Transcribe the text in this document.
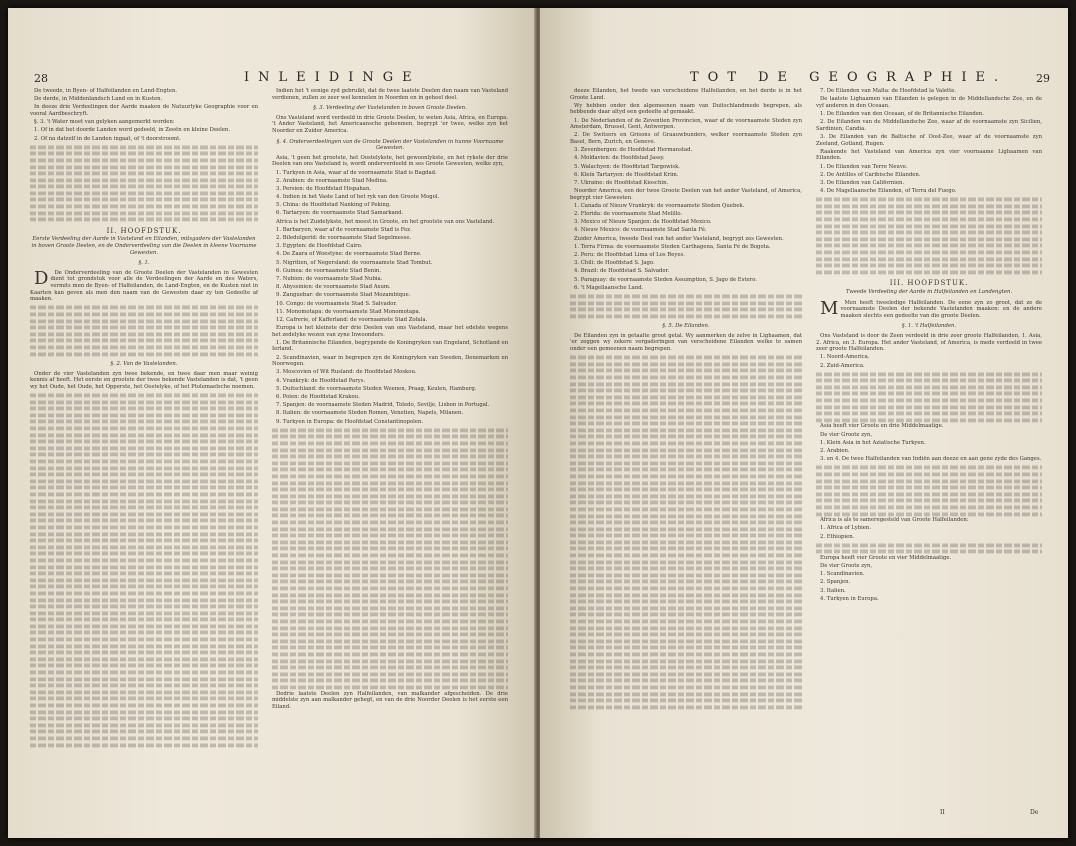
28	INLEIDINGE

De tweede, in Byen- of Halfeilanden en Land-Engten.

De derde, in Middenlandsch Land en in Kusten.

In deeze drie Verdeelingen der Aarde maaken de Natuurlyke Geographie voor en vooral Aardbeschryft.

§. 3. 't Water moet van gelyken aangemerkt worden:

1. Of in dat het doorde Landen word gedeeld, in Zeeën en kleine Deelen.

2. Of na datzelf in de Landen ingaat, of 't doorstroomt.

II. HOOFDSTUK.

Eerste Verdeeling der Aarde in Vasteland en Eilanden, mitsgaders der Vastelanden in boven Groote Deelen, en de Onderverdeeling van die Deelen in kleene Voorname Gewesten.

§. 1.

D De Onderverdeeling van de Groote Deelen der Vastelanden in Gewesten dient tot grondstuk voor alle de Verdeelingen der Aarde en des Waters, vermits men de Byen- of Halfeilanden, de Land-Engten, en de Kusten niet in Kaarten kan geven als men den naam van de Gewesten daar zy ten Gedeelte af maaken.

§. 2. Van de Vastelanden.

Onder de vier Vastelanden zyn twee bekende, en twee daar men maar weinig kennis af heeft. Het eerste en grootste der twee bekende Vastelanden is dat, 't geen wy het Oude, het Oude, het Opperste, het Oostelyke, of het Ptolemaeïsche noemen.

Indien het 't eenige zyd gebruikt, dat de twee laatste Deelen den naam van Vasteland verdienen, zullen ze zeer wel kennelen in Noorden en in geheel deel.

§. 3. Verdeeling der Vastelanden in boven Groote Deelen.

Ons Vasteland word verdeeld in drie Groote Deelen, te weten Asia, Africa, en Europa. 't Ander Vasteland, het Americaansche gebenmen, begrypt 'er twee, welke zyn het Noorder en Zuider America.

§. 4. Onderverdeelingen van de Groote Deelen der Vastelanden in hunne Voornaame Gewesten.

Asia, 't geen het grootste, het Oostelykste, het gewoonlykste, en het rykste der drie Deelen van ons Vasteland is, wordt onderverdeeld in ses Groote Gewesten, welke zyn,

1. Turkyen in Asia, waar af de voornaamste Stad is Bagdad.

2. Arabien: de voornaamste Stad Medina.

3. Persien: de Hoofdstad Hispahan.

4. Indien in het Vaste Land of het ryk van den Groote Mogol.

5. China: de Hoofdstad Nanking of Peking.

6. Tartaryen: de voornaamste Stad Samarkand.

Africa is het Zuidelykste, het meest in Groote, en het grootste van ons Vasteland.

1. Barbaryen, waar af de voornaamste Stad is Fez.

2. Biledulgerid: de voornaamste Stad Segelmesse.

3. Egypten: de Hoofdstad Cairo.

4. De Zaara of Woestyne: de voornaamste Stad Berne.

5. Nigritien, of Negersland: de voornaamste Stad Tombut.

6. Guinea: de voornaamste Stad Benin.

7. Nubien: de voornaamste Stad Nubia.

8. Abyssinien: de voornaamste Stad Axum.

9. Zanguebar: de voornaamste Stad Mozambique.

10. Congo: de voornaamste Stad S. Salvador.

11. Monomotapa: de voornaamste Stad Monomotapa.

12. Cafrerie, of Kafferland: de voornaamste Stad Zofala.

Europa is het kleinste der drie Deelen van ons Vasteland, maar het edelste wegens het zedelyke wezen van zyne Inwoonders.

1. De Britannische Eilanden, begrypende de Koningryken van Engeland, Schotland en Ierland.

2. Scandinavien, waar in begrepen zyn de Koningryken van Sweden, Denemarken en Noorwegen.

3. Moscovien of Wit Rusland: de Hoofdstad Moskou.

4. Vrankryk: de Hoofdstad Parys.

5. Duitschland: de voornaamste Steden Weenen, Praag, Keulen, Hamburg.

6. Polen: de Hoofdstad Krakou.

7. Spanjen: de voornaamste Steden Madrid, Toledo, Sevilje, Lisbon in Portugal.

8. Italien: de voornaamste Steden Romen, Venetien, Napels, Milanen.

9. Turkyen in Europa: de Hoofdstad Constantinopolen.

Dedrie laatste Deelen zyn Halfeilanden, van malkander afgescheiden. De drie middelste zyn aan malkander gehegt, en van de drie Noorder Deelen is het eerste een Eiland.

TOT DE GEOGRAPHIE.	29

deeze Eilanden, het twede van verscheidene Halfeilanden, en het derde is in het Groote Land.

Wy hebben onder den algemeenen naam van Duitschlandmede begrepen, als hebbende daar altyd een gedeelte af gemaakt.

1. De Nederlanden of de Zeventien Provincien, waar af de voornaamste Steden zyn Amsterdam, Brussel, Gent, Antwerpen.

2. De Switsers en Grisons of Graauwbunders, welker voornaamste Steden zyn Basel, Bern, Zurich, en Geneve.

3. Zevenbergen: de Hoofdstad Hermanstad.

4. Moldavien: de Hoofdstad Jassy.

5. Walachyen: de Hoofdstad Targowisk.

6. Klein Tartaryen: de Hoofdstad Krim.

7. Ukraine: de Hoofdstad Kioschin.

Noorder America, een der twee Groote Deelen van het ander Vasteland, of America, begrypt vier Gewesten.

1. Canada of Nieuw Vrankryk: de voornaamste Steden Quebek.

2. Florida: de voornaamste Stad Melillo.

3. Mexico of Nieuw Spanjen: de Hoofdstad Mexico.

4. Nieuw Mexico: de voornaamste Stad Santa Fé.

Zuider America, tweede Deel van het ander Vasteland, begrypt zes Gewesten.

1. Terra Firma: de voornaamste Steden Carthagena, Santa Fé de Bogota.

2. Peru: de Hoofdstad Lima of Los Reyes.

3. Chili: de Hoofdstad S. Jago.

4. Brazil: de Hoofdstad S. Salvador.

5. Paraguay: de voornaamste Steden Assumption, S. Jago de Estero.

6. 't Magellaansche Land.

§. 5. De Eilanden.

De Eilanden zyn in getaalte groot getal. Wy aanmerken de zelve in Lighaamen, dat 'er zeggen wy zekere vergaderingen van verscheidene Eilanden welke te samen onder een gemeenen naam begrepen.

7. De Eilanden van Malta: de Hoofdstad la Valette.

De laatste Lighaamen van Eilanden is gelegen in de Middellandsche Zee, en de vyf anderen in den Oceaan.

1. De Eilanden van den Oceaan, of de Britannische Eilanden.

2. De Eilanden van de Middellandsche Zee, waar af de voornaamste zyn Sicilien, Sardinien, Candia.

3. De Eilanden van de Baltische of Oost-Zee, waar af de voornaamste zyn Zeeland, Gotland, Rugen.

Raakende het Vasteland van America zyn vier voornaame Lighaamen van Eilanden.

1. De Eilanden van Terre Neuve.

2. De Antilles of Caribische Eilanden.

3. De Eilanden van Californien.

4. De Magellaansche Eilanden, of Terra del Fuego.

III. HOOFDSTUK.

Tweede Verdeeling der Aarde in Halfeilanden en Landengten.

M Men heeft tweeledige Halfeilanden. De eene zyn zo groot, dat ze de voornaamste Deelen der bekende Vastelanden maaken: en de andere maaken slechts een gedeelte van die groote Deelen.

§. 1. 't Halfeilanden.

Ons Vasteland is door de Zeen verdeeld in drie zeer groote Halfeilanden, 1. Asia, 2. Africa, en 3. Europa. Het ander Vasteland, of America, is mede verdeeld in twee zeer groote Halfeilanden.

1. Noord-America.

2. Zuid-America.

Asia heeft vier Groote en drie Middelmaatige.

De vier Groote zyn,

1. Klein Asia in het Aziatische Turkyen.

2. Arabien.

3. en 4. De twee Halfeilanden van Indiën aan deeze en aan gene zyde des Ganges.

Africa is als te sameregesteld van Groote Halfeilanden:

1. Africa of Lybien.

2. Ethiopien.

Europa heeft vier Groote en vier Middelmaatige.

De vier Groote zyn,

1. Scandinavien.

2. Spanjen.

3. Italien.

4. Turkyen in Europa.

II	De
